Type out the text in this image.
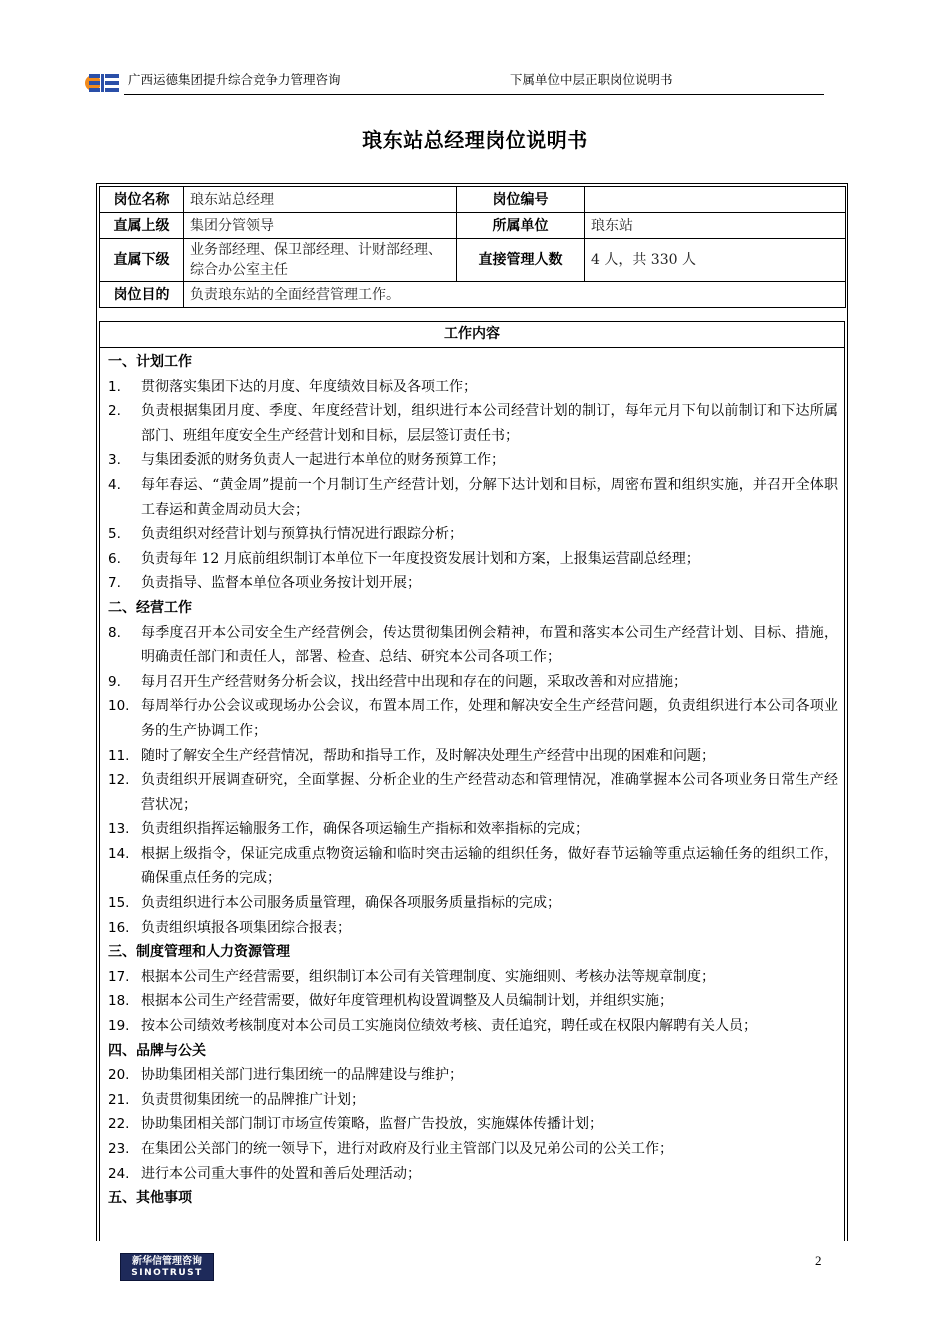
广西运德集团提升综合竞争力管理咨询	下属单位中层正职岗位说明书
琅东站总经理岗位说明书
岗位名称	琅东站总经理	岗位编号	
直属上级	集团分管领导	所属单位	琅东站
直属下级	业务部经理、保卫部经理、计财部经理、综合办公室主任	直接管理人数	4 人，共 330 人
岗位目的	负责琅东站的全面经营管理工作。		
工作内容
一、计划工作
1.	贯彻落实集团下达的月度、年度绩效目标及各项工作；
2.	负责根据集团月度、季度、年度经营计划，组织进行本公司经营计划的制订，每年元月下旬以前制订和下达所属部门、班组年度安全生产经营计划和目标，层层签订责任书；
3.	与集团委派的财务负责人一起进行本单位的财务预算工作；
4.	每年春运、“黄金周”提前一个月制订生产经营计划，分解下达计划和目标，周密布置和组织实施，并召开全体职工春运和黄金周动员大会；
5.	负责组织对经营计划与预算执行情况进行跟踪分析；
6.	负责每年 12 月底前组织制订本单位下一年度投资发展计划和方案，上报集运营副总经理；
7.	负责指导、监督本单位各项业务按计划开展；
二、经营工作
8.	每季度召开本公司安全生产经营例会，传达贯彻集团例会精神，布置和落实本公司生产经营计划、目标、措施，明确责任部门和责任人，部署、检查、总结、研究本公司各项工作；
9.	每月召开生产经营财务分析会议，找出经营中出现和存在的问题，采取改善和对应措施；
10. 每周举行办公会议或现场办公会议，布置本周工作，处理和解决安全生产经营问题，负责组织进行本公司各项业务的生产协调工作；
11. 随时了解安全生产经营情况，帮助和指导工作，及时解决处理生产经营中出现的困难和问题；
12. 负责组织开展调查研究，全面掌握、分析企业的生产经营动态和管理情况，准确掌握本公司各项业务日常生产经营状况；
13. 负责组织指挥运输服务工作，确保各项运输生产指标和效率指标的完成；
14. 根据上级指令，保证完成重点物资运输和临时突击运输的组织任务，做好春节运输等重点运输任务的组织工作，确保重点任务的完成；
15. 负责组织进行本公司服务质量管理，确保各项服务质量指标的完成；
16. 负责组织填报各项集团综合报表；
三、制度管理和人力资源管理
17. 根据本公司生产经营需要，组织制订本公司有关管理制度、实施细则、考核办法等规章制度；
18. 根据本公司生产经营需要，做好年度管理机构设置调整及人员编制计划，并组织实施；
19. 按本公司绩效考核制度对本公司员工实施岗位绩效考核、责任追究，聘任或在权限内解聘有关人员；
四、品牌与公关
20. 协助集团相关部门进行集团统一的品牌建设与维护；
21. 负责贯彻集团统一的品牌推广计划；
22. 协助集团相关部门制订市场宣传策略，监督广告投放，实施媒体传播计划；
23. 在集团公关部门的统一领导下，进行对政府及行业主管部门以及兄弟公司的公关工作；
24. 进行本公司重大事件的处置和善后处理活动；
五、其他事项
新华信管理咨询
SINOTRUST
2
